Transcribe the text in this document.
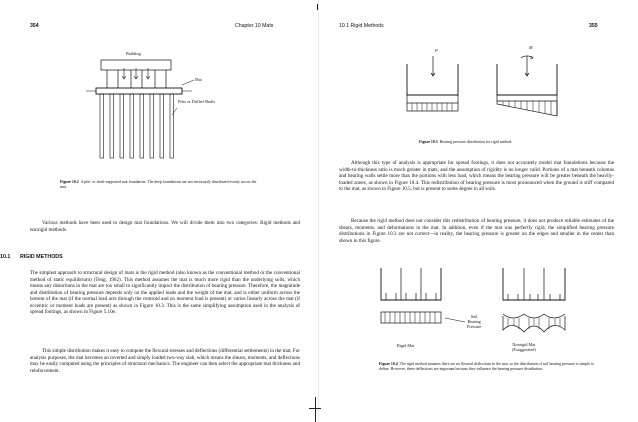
354	Chapter 10 Mats
Building
Mat
Piles or Drilled Shafts

Figure 10.2 A pile- or shaft-supported mat foundation. The deep foundations are not necessarily distributed evenly across the mat.

Various methods have been used to design mat foundations. We will divide them into two categories: Rigid methods and nonrigid methods.

10.1 RIGID METHODS

The simplest approach to structural design of mats is the rigid method (also known as the conventional method or the conventional method of static equilibrium) (Teng, 1962). This method assumes the mat is much more rigid than the underlying soils, which means any distortions in the mat are too small to significantly impact the distribution of bearing pressure. Therefore, the magnitude and distribution of bearing pressure depends only on the applied loads and the weight of the mat, and is either uniform across the bottom of the mat (if the normal load acts through the centroid and no moment load is present) or varies linearly across the mat (if eccentric or moment loads are present) as shown in Figure 10.3. This is the same simplifying assumption used in the analysis of spread footings, as shown in Figure 5.10e.

This simple distribution makes it easy to compute the flexural stresses and deflections (differential settlements) in the mat. For analysis purposes, the mat becomes an inverted and simply loaded two-way slab, which means the shears, moments, and deflections may be easily computed using the principles of structural mechanics. The engineer can then select the appropriate mat thickness and reinforcement.

10.1 Rigid Methods	355
P
M

Figure 10.3 Bearing pressure distribution for rigid method.

Although this type of analysis is appropriate for spread footings, it does not accurately model mat foundations because the width-to-thickness ratio is much greater in mats, and the assumption of rigidity is no longer valid. Portions of a mat beneath columns and bearing walls settle more than the portions with less load, which means the bearing pressure will be greater beneath the heavily-loaded zones, as shown in Figure 10.4. This redistribution of bearing pressure is most pronounced when the ground is stiff compared to the mat, as shown in Figure 10.5, but is present to some degree in all soils.

Because the rigid method does not consider this redistribution of bearing pressure, it does not produce reliable estimates of the shears, moments, and deformations in the mat. In addition, even if the mat was perfectly rigid, the simplified bearing pressure distributions in Figure 10.3 are not correct—in reality, the bearing pressure is greater on the edges and smaller in the center than shown in this figure.

Soil
Bearing
Pressure
Rigid Mat	Nonrigid Mat
(Exaggerated)

Figure 10.4 The rigid method assumes there are no flexural deflections in the mat, so the distribution of soil bearing pressure is simple to define. However, these deflections are important because they influence the bearing pressure distribution.
